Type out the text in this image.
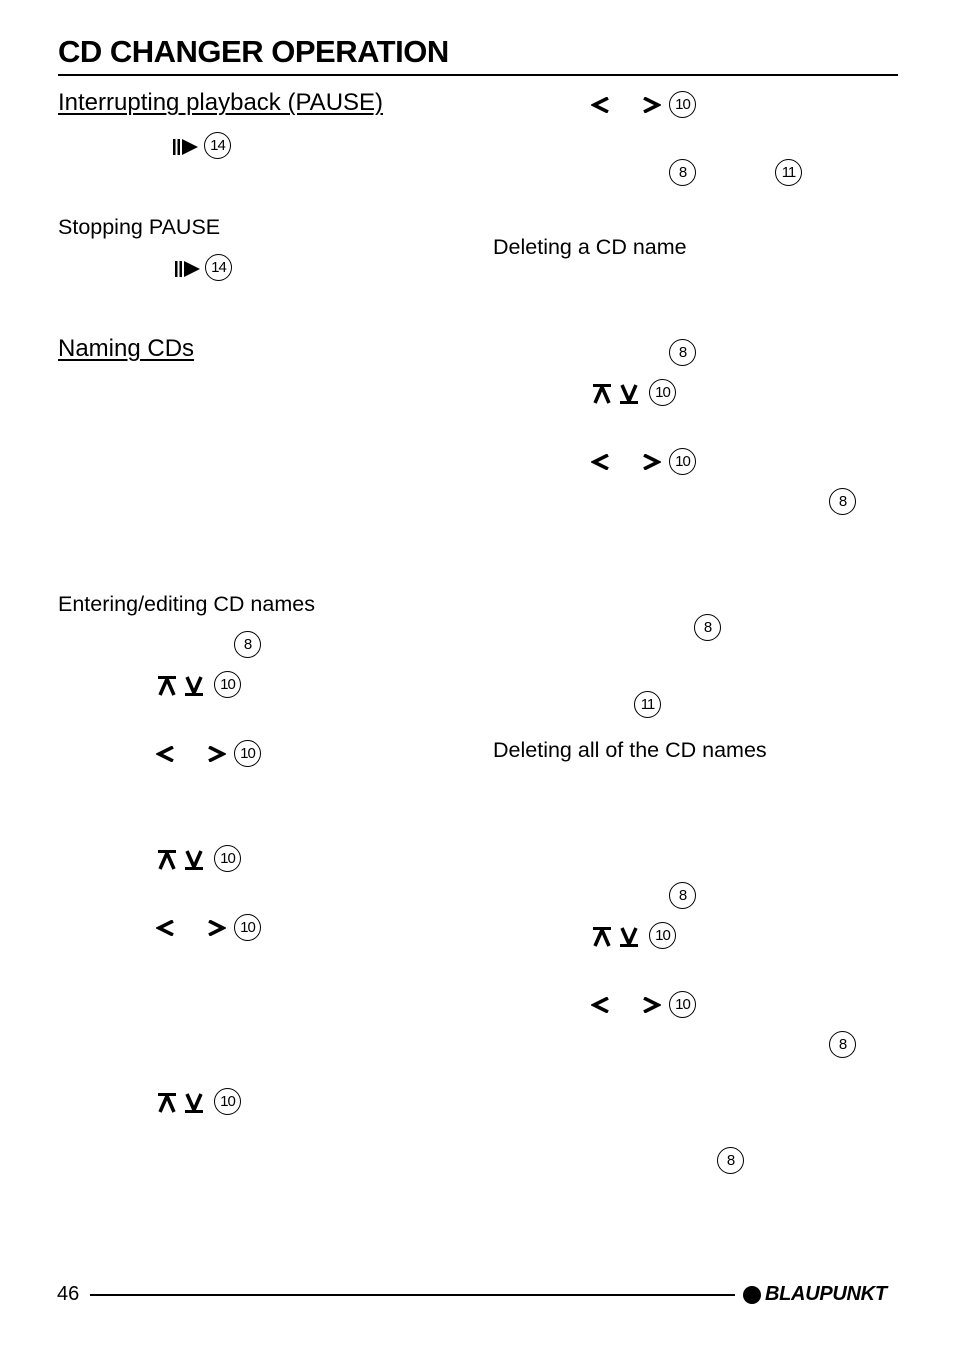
CD CHANGER OPERATION
Interrupting playback (PAUSE)
14
Stopping PAUSE
14
Naming CDs
Entering/editing CD names
8
10
10
10
10
10
10
8	11
Deleting a CD name
8
10
10
8
8
11
Deleting all of the CD names
8
10
10
8
8
46	BLAUPUNKT
